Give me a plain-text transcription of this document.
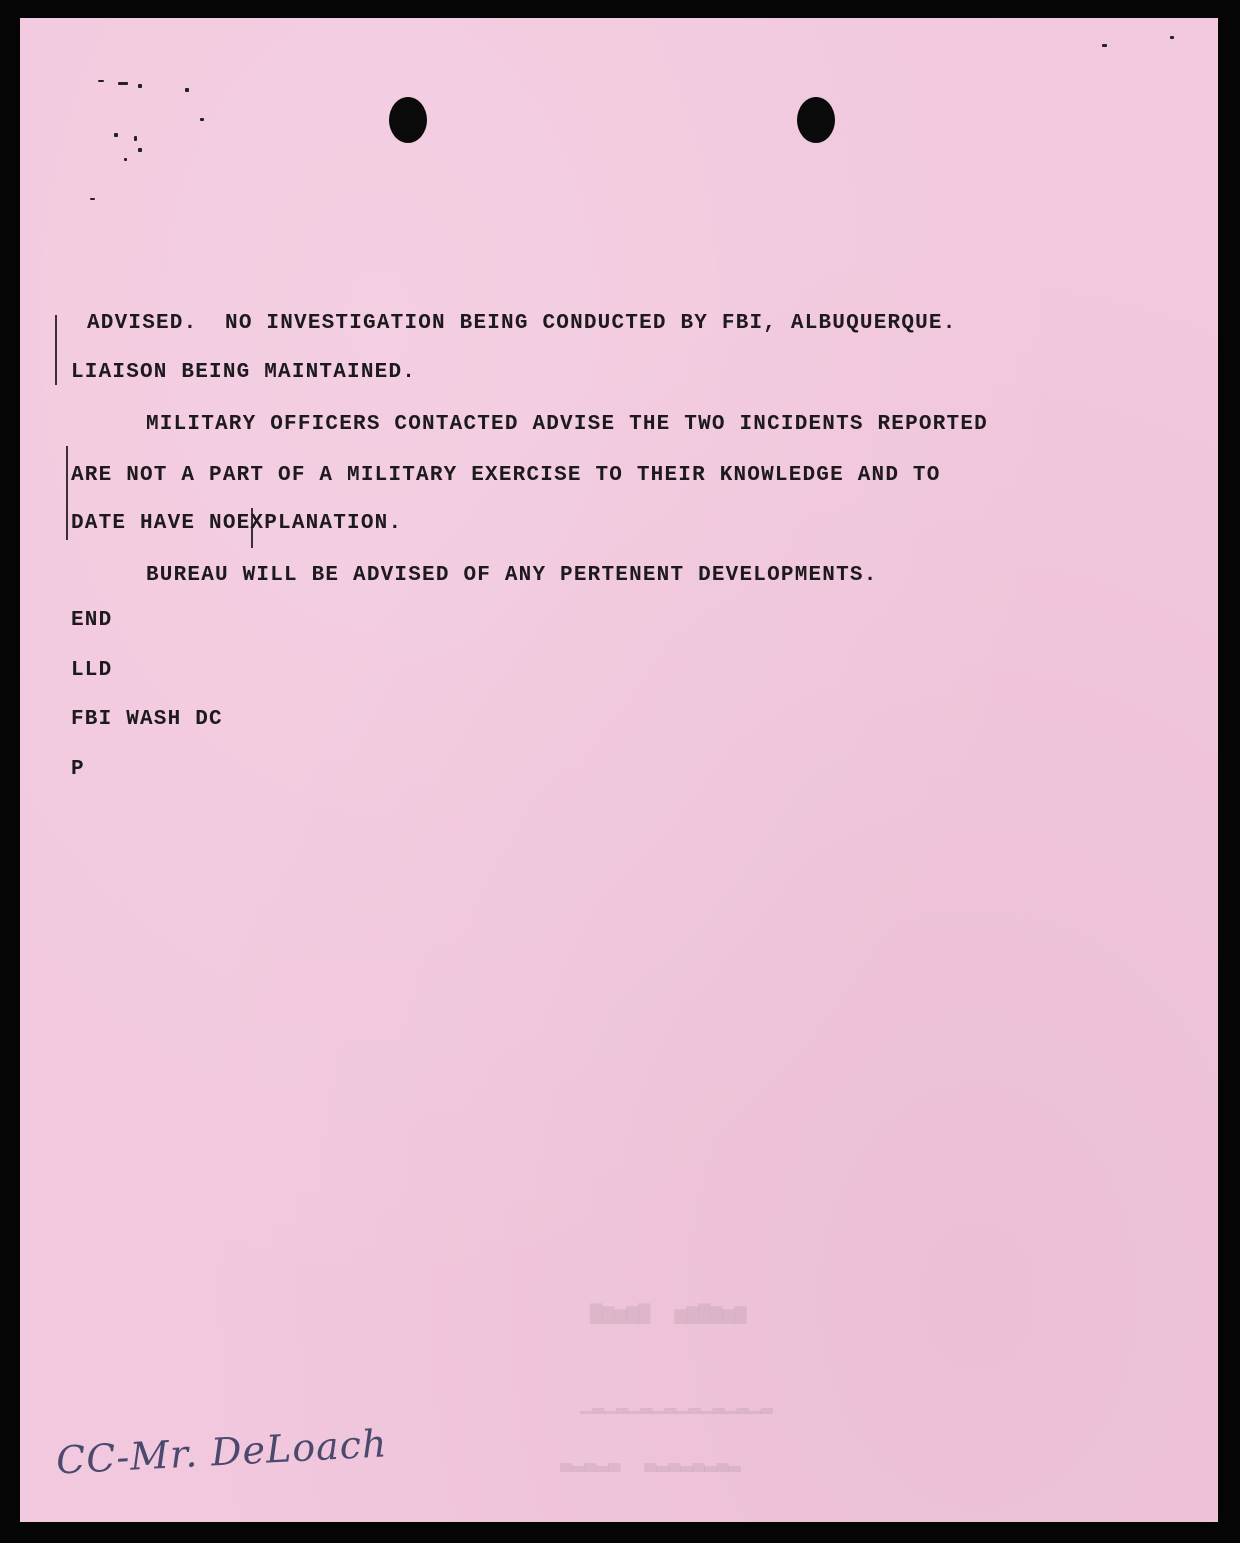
ADVISED.  NO INVESTIGATION BEING CONDUCTED BY FBI, ALBUQUERQUE.
LIAISON BEING MAINTAINED.
MILITARY OFFICERS CONTACTED ADVISE THE TWO INCIDENTS REPORTED
ARE NOT A PART OF A MILITARY EXERCISE TO THEIR KNOWLEDGE AND TO
DATE HAVE NOEXPLANATION.
BUREAU WILL BE ADVISED OF ANY PERTENENT DEVELOPMENTS.
END
LLD
FBI WASH DC
P
▇▆▅▆▇  ▅▆▇▆▅▆
▁▂▁▂▁▂▁▂▁▂▁▂▁▂▁▂
▃▂▃▂▃  ▃▂▃▂▃▂▃▂
CC-Mr. DeLoach
